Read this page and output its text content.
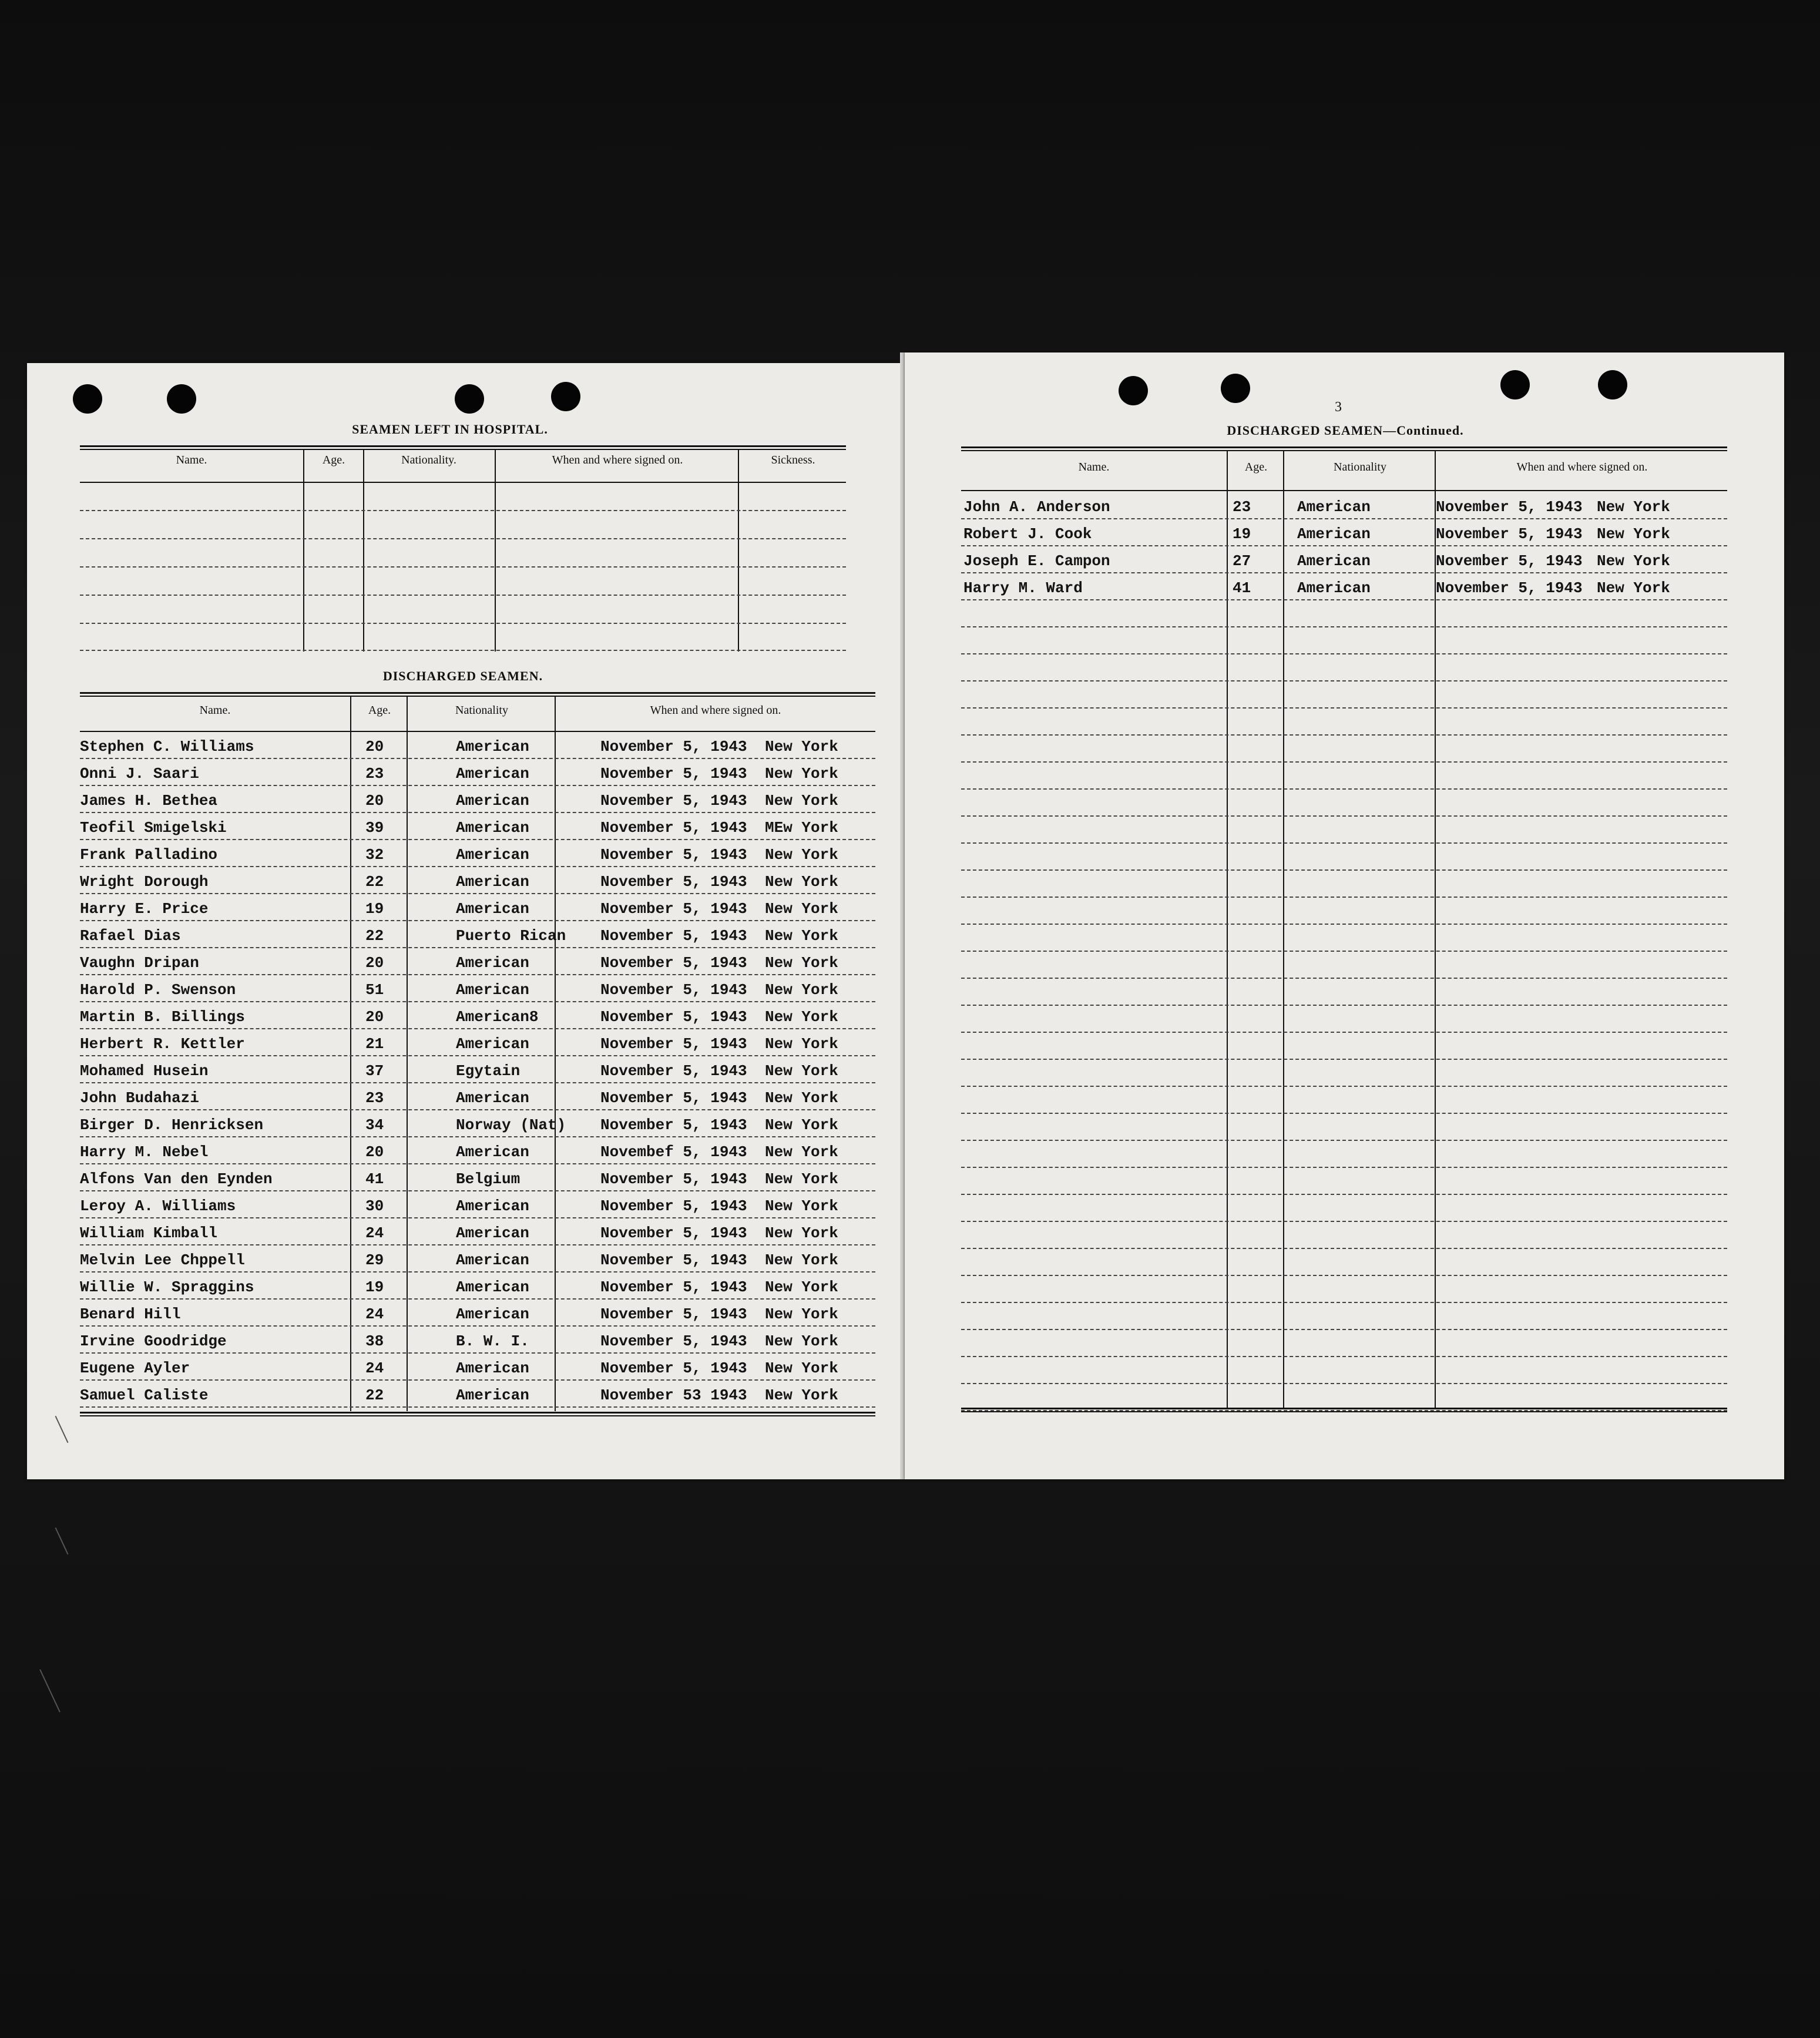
SEAMEN LEFT IN HOSPITAL.
Name.	Age.	Nationality.	When and where signed on.	Sickness.
DISCHARGED SEAMEN.
Name.	Age.	Nationality	When and where signed on.
Stephen C. Williams	20	American	November 5, 1943 New York
Onni J. Saari	23	American	November 5, 1943 New York
James H. Bethea	20	American	November 5, 1943 New York
Teofil Smigelski	39	American	November 5, 1943 MEw York
Frank Palladino	32	American	November 5, 1943 New York
Wright Dorough	22	American	November 5, 1943 New York
Harry E. Price	19	American	November 5, 1943 New York
Rafael Dias	22	Puerto Rican November 5, 1943 New York
Vaughn Dripan	20	American	November 5, 1943 New York
Harold P. Swenson	51	American	November 5, 1943 New York
Martin B. Billings	20	American8	November 5, 1943 New York
Herbert R. Kettler	21	American	November 5, 1943 New York
Mohamed Husein	37	Egytain	November 5, 1943 New York
John Budahazi	23	American	November 5, 1943 New York
Birger D. Henricksen	34	Norway (Nat) November 5, 1943 New York
Harry M. Nebel	20	American	Novembef 5, 1943 New York
Alfons Van den Eynden	41	Belgium	November 5, 1943 New York
Leroy A. Williams	30	American	November 5, 1943 New York
William Kimball	24	American	November 5, 1943 New York
Melvin Lee Chppell	29	American	November 5, 1943 New York
Willie W. Spraggins	19	American	November 5, 1943 New York
Benard Hill	24	American	November 5, 1943 New York
Irvine Goodridge	38	B. W. I.	November 5, 1943 New York
Eugene Ayler	24	American	November 5, 1943 New York
Samuel Caliste	22	American	November 53 1943 New York
CONTINUED ON NEXT PAGE.
3
DISCHARGED SEAMEN—Continued.
Name.	Age.	Nationality	When and where signed on.
John A. Anderson	23	American	November 5, 1943 New York
Robert J. Cook	19	American	November 5, 1943 New York
Joseph E. Campon	27	American	November 5, 1943 New York
Harry M. Ward	41	American	November 5, 1943 New York
